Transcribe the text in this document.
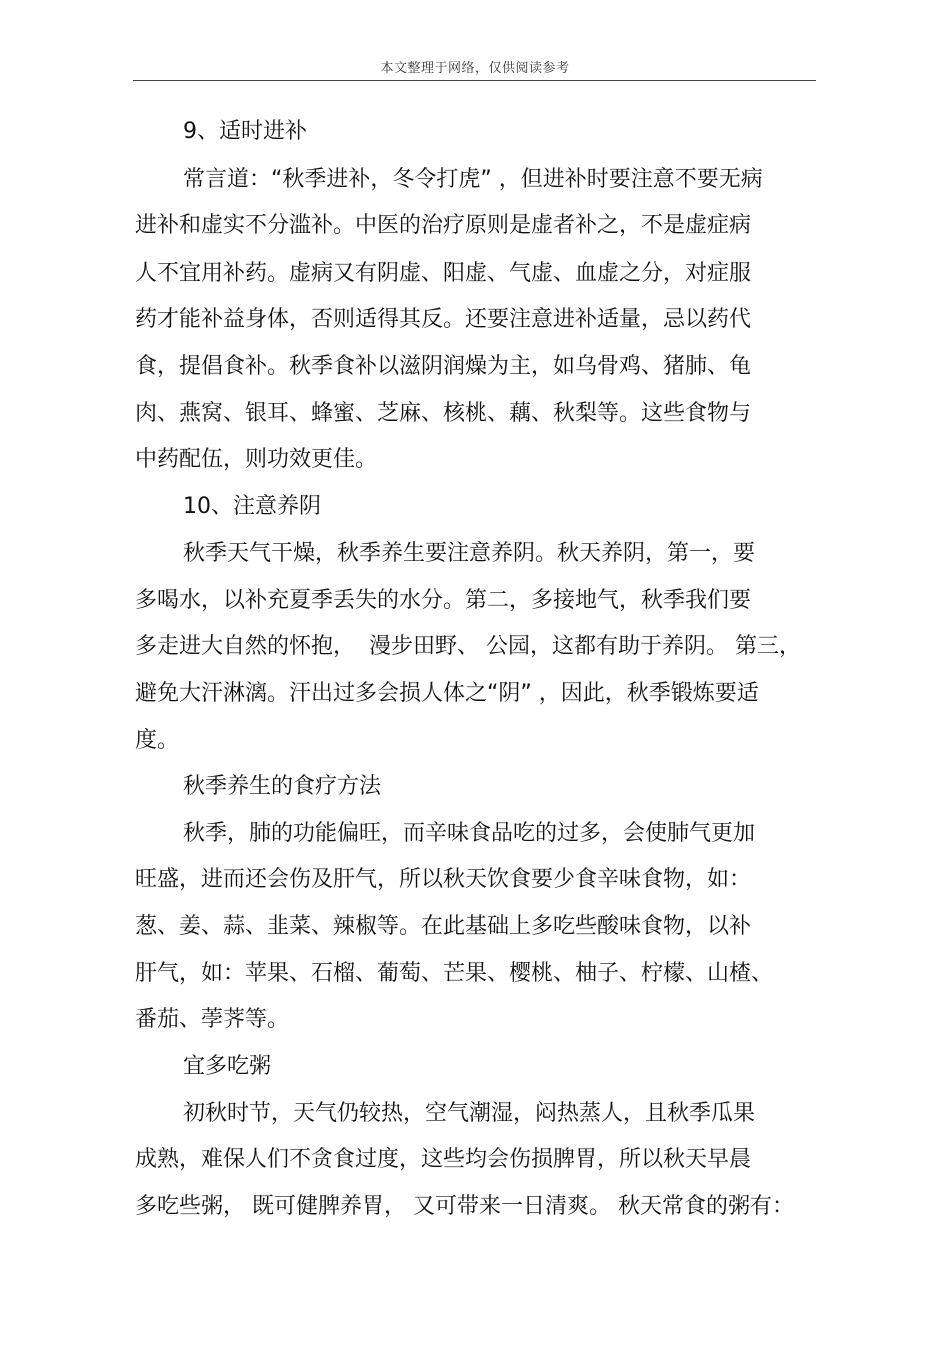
本文整理于网络，仅供阅读参考
9、适时进补
常言道：“秋季进补，冬令打虎” ，但进补时要注意不要无病
进补和虚实不分滥补。中医的治疗原则是虚者补之，不是虚症病
人不宜用补药。虚病又有阴虚、阳虚、气虚、血虚之分，对症服
药才能补益身体，否则适得其反。还要注意进补适量，忌以药代
食，提倡食补。秋季食补以滋阴润燥为主，如乌骨鸡、猪肺、龟
肉、燕窝、银耳、蜂蜜、芝麻、核桃、藕、秋梨等。这些食物与
中药配伍，则功效更佳。
10、注意养阴
秋季天气干燥，秋季养生要注意养阴。秋天养阴，第一，要
多喝水，以补充夏季丢失的水分。第二，多接地气，秋季我们要
多走进大自然的怀抱，  漫步田野、 公园，这都有助于养阴。 第三，
避免大汗淋漓。汗出过多会损人体之“阴” ，因此，秋季锻炼要适
度。
秋季养生的食疗方法
秋季，肺的功能偏旺，而辛味食品吃的过多，会使肺气更加
旺盛，进而还会伤及肝气，所以秋天饮食要少食辛味食物，如：
葱、姜、蒜、韭菜、辣椒等。在此基础上多吃些酸味食物，以补
肝气，如：苹果、石榴、葡萄、芒果、樱桃、柚子、柠檬、山楂、
番茄、荸荠等。
宜多吃粥
初秋时节，天气仍较热，空气潮湿，闷热蒸人，且秋季瓜果
成熟，难保人们不贪食过度，这些均会伤损脾胃，所以秋天早晨
多吃些粥， 既可健脾养胃， 又可带来一日清爽。 秋天常食的粥有：
